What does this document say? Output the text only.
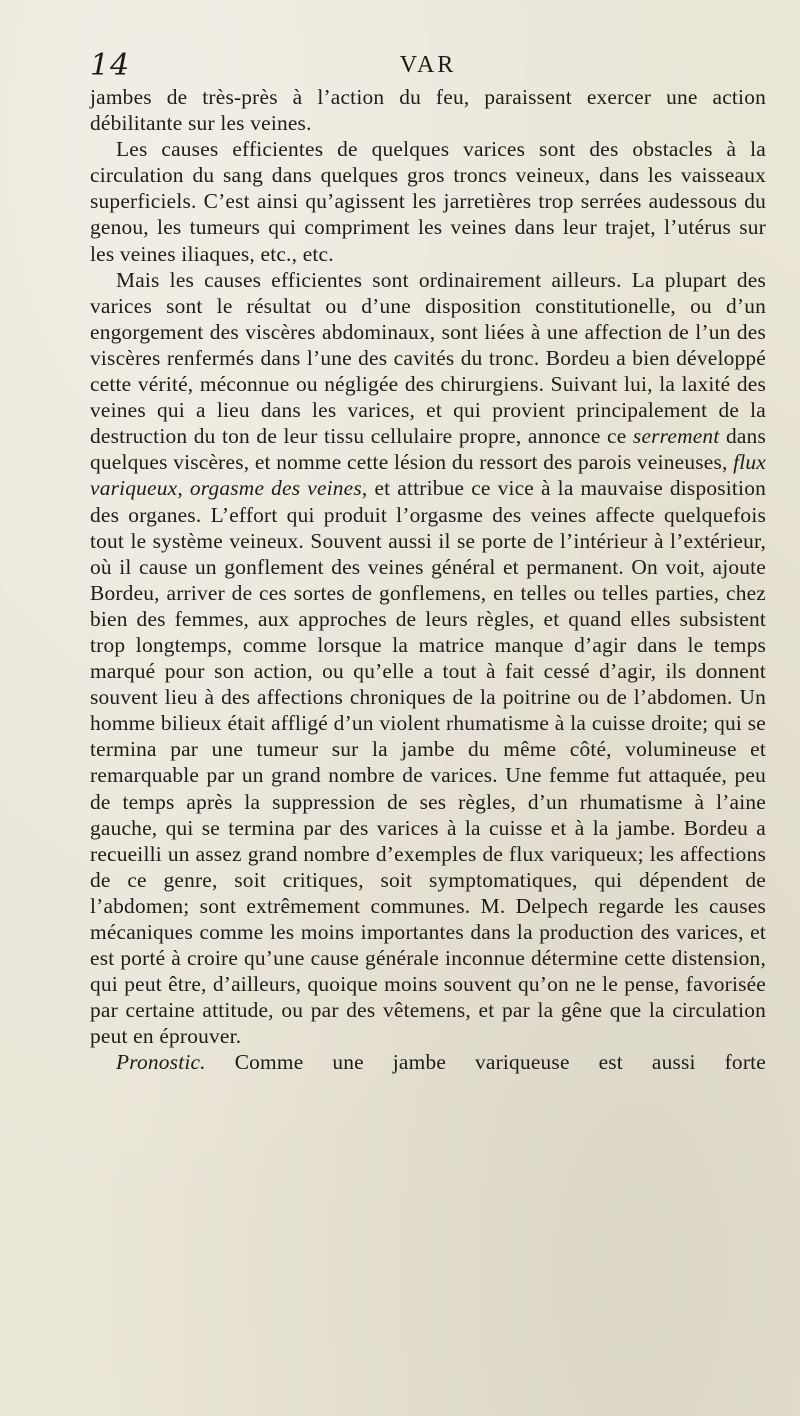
14	VAR

jambes de très-près à l’action du feu, paraissent exercer une action débilitante sur les veines.

Les causes efficientes de quelques varices sont des obstacles à la circulation du sang dans quelques gros troncs veineux, dans les vaisseaux superficiels. C’est ainsi qu’agissent les jarretières trop serrées audessous du genou, les tumeurs qui compriment les veines dans leur trajet, l’utérus sur les veines iliaques, etc., etc.

Mais les causes efficientes sont ordinairement ailleurs. La plupart des varices sont le résultat ou d’une disposition constitutionelle, ou d’un engorgement des viscères abdominaux, sont liées à une affection de l’un des viscères renfermés dans l’une des cavités du tronc. Bordeu a bien développé cette vérité, méconnue ou négligée des chirurgiens. Suivant lui, la laxité des veines qui a lieu dans les varices, et qui provient principalement de la destruction du ton de leur tissu cellulaire propre, annonce ce serrement dans quelques viscères, et nomme cette lésion du ressort des parois veineuses, flux variqueux, orgasme des veines, et attribue ce vice à la mauvaise disposition des organes. L’effort qui produit l’orgasme des veines affecte quelquefois tout le système veineux. Souvent aussi il se porte de l’intérieur à l’extérieur, où il cause un gonflement des veines général et permanent. On voit, ajoute Bordeu, arriver de ces sortes de gonflemens, en telles ou telles parties, chez bien des femmes, aux approches de leurs règles, et quand elles subsistent trop longtemps, comme lorsque la matrice manque d’agir dans le temps marqué pour son action, ou qu’elle a tout à fait cessé d’agir, ils donnent souvent lieu à des affections chroniques de la poitrine ou de l’abdomen. Un homme bilieux était affligé d’un violent rhumatisme à la cuisse droite; qui se termina par une tumeur sur la jambe du même côté, volumineuse et remarquable par un grand nombre de varices. Une femme fut attaquée, peu de temps après la suppression de ses règles, d’un rhumatisme à l’aine gauche, qui se termina par des varices à la cuisse et à la jambe. Bordeu a recueilli un assez grand nombre d’exemples de flux variqueux; les affections de ce genre, soit critiques, soit symptomatiques, qui dépendent de l’abdomen; sont extrêmement communes. M. Delpech regarde les causes mécaniques comme les moins importantes dans la production des varices, et est porté à croire qu’une cause générale inconnue détermine cette distension, qui peut être, d’ailleurs, quoique moins souvent qu’on ne le pense, favorisée par certaine attitude, ou par des vêtemens, et par la gêne que la circulation peut en éprouver.

Pronostic. Comme une jambe variqueuse est aussi forte
